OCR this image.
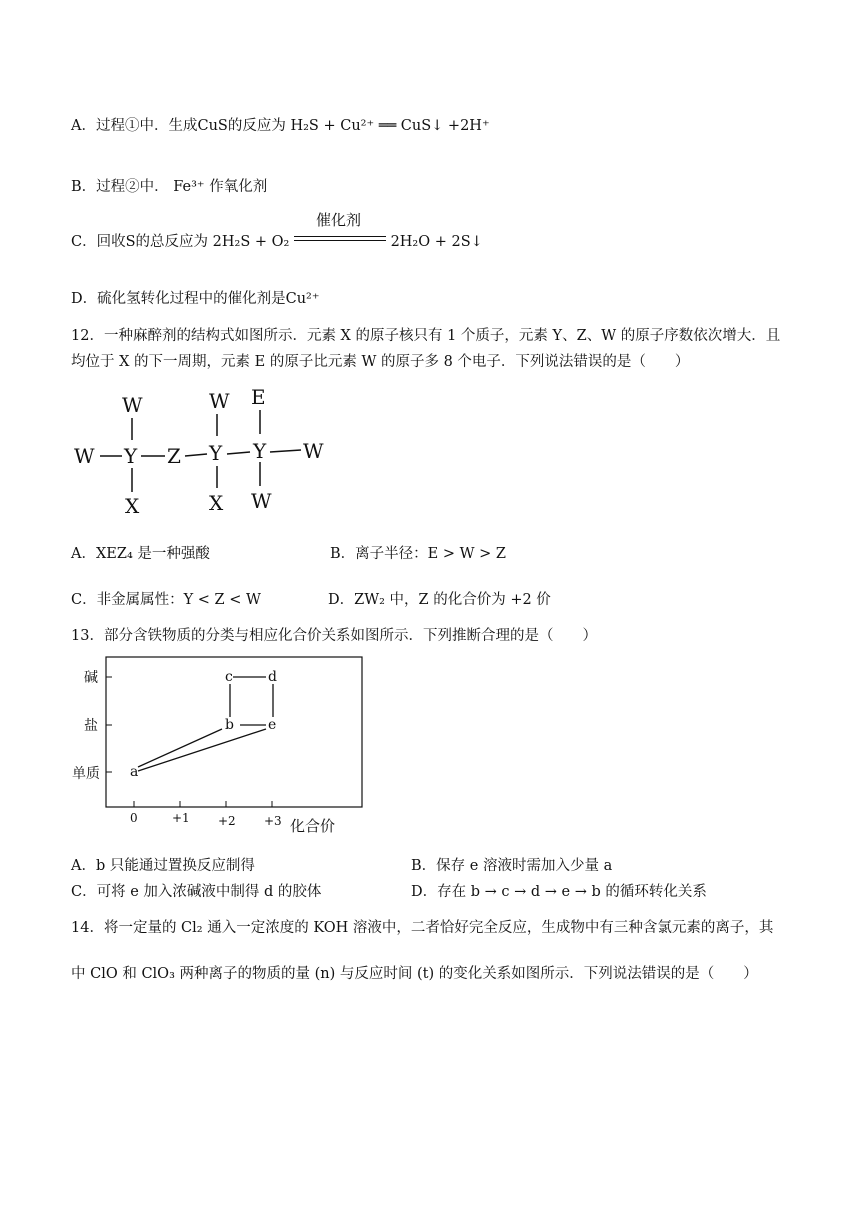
A．过程①中．生成CuS的反应为 H₂S + Cu²⁺ ══ CuS↓ +2H⁺
B．过程②中． Fe³⁺ 作氧化剂
C．回收S的总反应为 2H₂S + O₂
催化剂
2H₂O + 2S↓
D．硫化氢转化过程中的催化剂是Cu²⁺
12．一种麻醉剂的结构式如图所示．元素 X 的原子核只有 1 个质子，元素 Y、Z、W 的原子序数依次增大．且
均位于 X 的下一周期，元素 E 的原子比元素 W 的原子多 8 个电子．下列说法错误的是（　　）
W	W E
W	W
Y Z Y Y
W
X	X
A．XEZ₄ 是一种强酸	B．离子半径：E > W > Z
C．非金属属性：Y < Z < W	D．ZW₂ 中，Z 的化合价为 +2 价
13．部分含铁物质的分类与相应化合价关系如图所示．下列推断合理的是（　　）
碱
盐
单质
0	+1 +2 +3 化合价
a
b
c	d
e
A．b 只能通过置换反应制得	B．保存 e 溶液时需加入少量 a
C．可将 e 加入浓碱液中制得 d 的胶体	D．存在 b → c → d → e → b 的循环转化关系
14．将一定量的 Cl₂ 通入一定浓度的 KOH 溶液中，二者恰好完全反应，生成物中有三种含氯元素的离子，其
中 ClO 和 ClO₃ 两种离子的物质的量 (n) 与反应时间 (t) 的变化关系如图所示．下列说法错误的是（　　）
